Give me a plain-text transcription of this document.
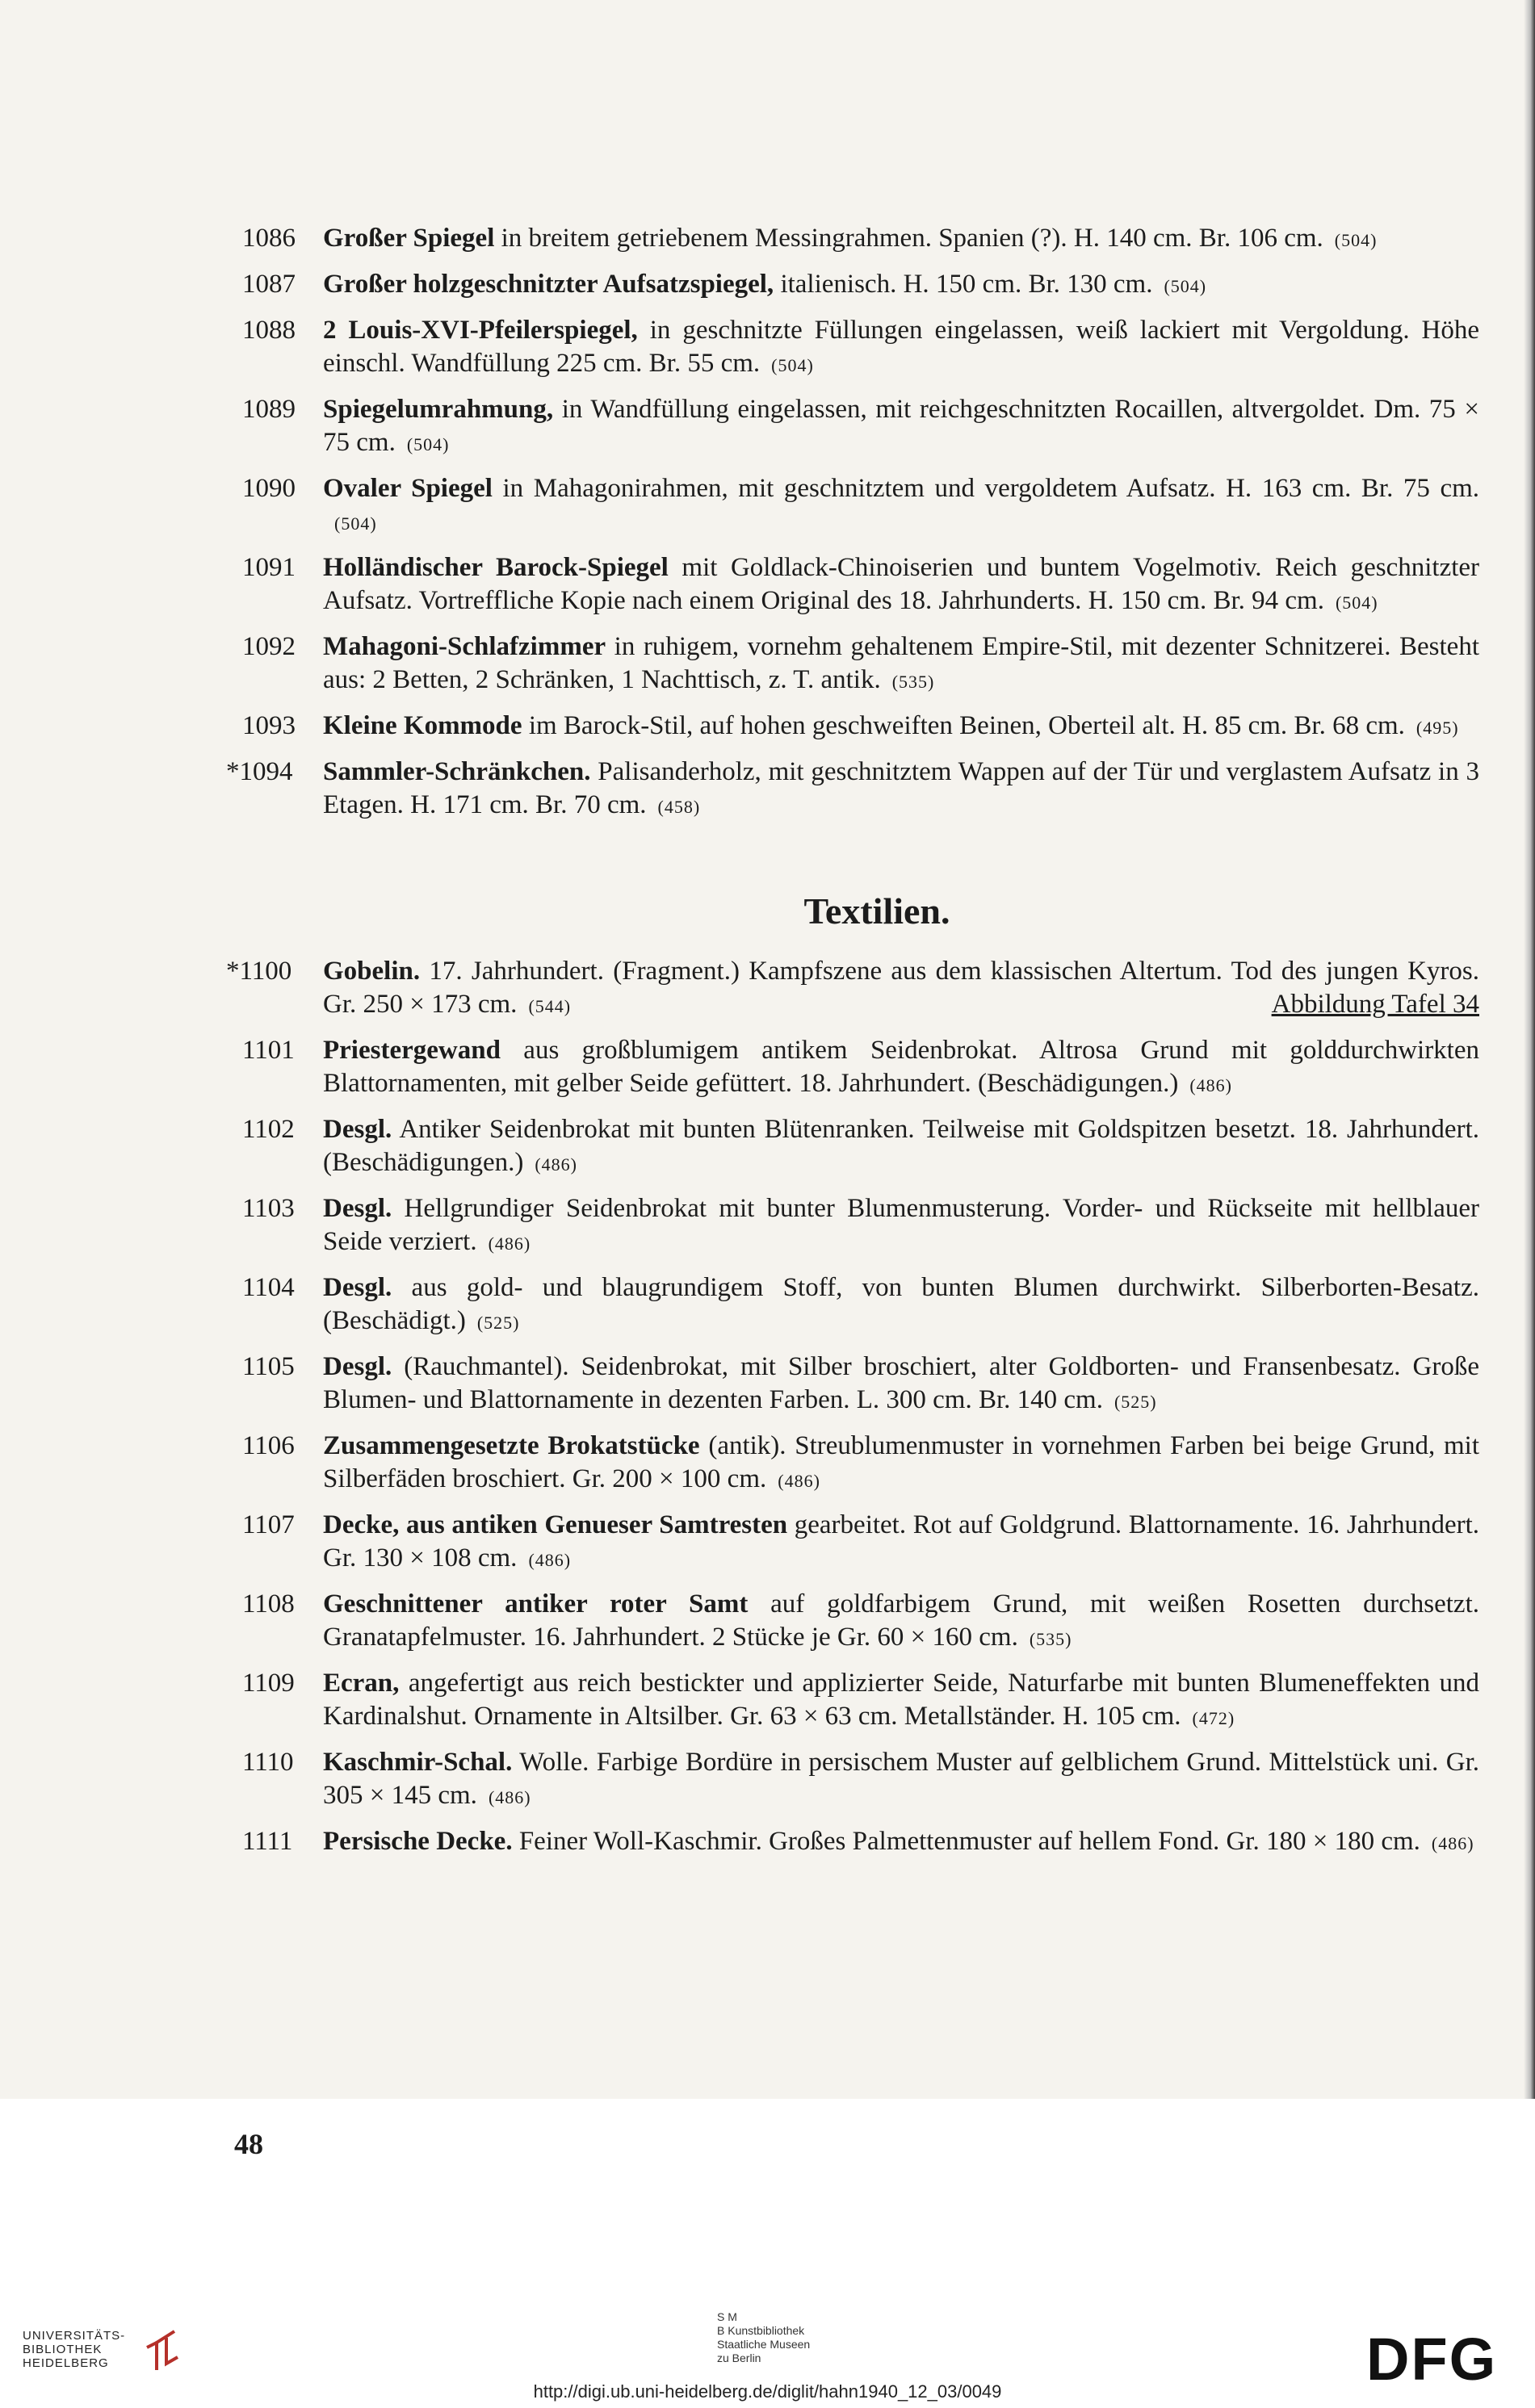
1086	Großer Spiegel in breitem getriebenem Messingrahmen. Spanien (?). H. 140 cm. Br. 106 cm. (504)
1087	Großer holzgeschnitzter Aufsatzspiegel, italienisch. H. 150 cm. Br. 130 cm. (504)
1088	2 Louis-XVI-Pfeilerspiegel, in geschnitzte Füllungen eingelassen, weiß lackiert mit Vergoldung. Höhe einschl. Wandfüllung 225 cm. Br. 55 cm. (504)
1089	Spiegelumrahmung, in Wandfüllung eingelassen, mit reichgeschnitzten Rocaillen, altvergoldet. Dm. 75 × 75 cm. (504)
1090	Ovaler Spiegel in Mahagonirahmen, mit geschnitztem und vergoldetem Aufsatz. H. 163 cm. Br. 75 cm.(504)
1091	Holländischer Barock-Spiegel mit Goldlack-Chinoiserien und buntem Vogelmotiv. Reich geschnitzter Aufsatz. Vortreffliche Kopie nach einem Original des 18. Jahrhunderts. H. 150 cm. Br. 94 cm. (504)
1092	Mahagoni-Schlafzimmer in ruhigem, vornehm gehaltenem Empire-Stil, mit dezenter Schnitzerei. Besteht aus: 2 Betten, 2 Schränken, 1 Nachttisch, z. T. antik. (535)
1093	Kleine Kommode im Barock-Stil, auf hohen geschweiften Beinen, Oberteil alt. H. 85 cm. Br. 68 cm. (495)
*1094	Sammler-Schränkchen. Palisanderholz, mit geschnitztem Wappen auf der Tür und verglastem Aufsatz in 3 Etagen. H. 171 cm. Br. 70 cm. (458)
Textilien.
*1100	Gobelin. 17. Jahrhundert. (Fragment.) Kampfszene aus dem klassischen Altertum. Tod des jungen Kyros. Gr. 250 × 173 cm. (544)	Abbildung Tafel 34
1101	Priestergewand aus großblumigem antikem Seidenbrokat. Altrosa Grund mit golddurchwirkten Blattornamenten, mit gelber Seide gefüttert. 18. Jahrhundert. (Beschädigungen.) (486)
1102	Desgl. Antiker Seidenbrokat mit bunten Blütenranken. Teilweise mit Goldspitzen besetzt. 18. Jahrhundert. (Beschädigungen.) (486)
1103	Desgl. Hellgrundiger Seidenbrokat mit bunter Blumenmusterung. Vorder- und Rückseite mit hellblauer Seide verziert. (486)
1104	Desgl. aus gold- und blaugrundigem Stoff, von bunten Blumen durchwirkt. Silberborten-Besatz. (Beschädigt.) (525)
1105	Desgl. (Rauchmantel). Seidenbrokat, mit Silber broschiert, alter Goldborten- und Fransenbesatz. Große Blumen- und Blattornamente in dezenten Farben. L. 300 cm. Br. 140 cm. (525)
1106	Zusammengesetzte Brokatstücke (antik). Streublumenmuster in vornehmen Farben bei beige Grund, mit Silberfäden broschiert. Gr. 200 × 100 cm. (486)
1107	Decke, aus antiken Genueser Samtresten gearbeitet. Rot auf Goldgrund. Blattornamente. 16. Jahrhundert. Gr. 130 × 108 cm. (486)
1108	Geschnittener antiker roter Samt auf goldfarbigem Grund, mit weißen Rosetten durchsetzt. Granatapfelmuster. 16. Jahrhundert. 2 Stücke je Gr. 60 × 160 cm. (535)
1109	Ecran, angefertigt aus reich bestickter und applizierter Seide, Naturfarbe mit bunten Blumeneffekten und Kardinalshut. Ornamente in Altsilber. Gr. 63 × 63 cm. Metallständer. H. 105 cm. (472)
1110	Kaschmir-Schal. Wolle. Farbige Bordüre in persischem Muster auf gelblichem Grund. Mittelstück uni. Gr. 305 × 145 cm. (486)
1111	Persische Decke. Feiner Woll-Kaschmir. Großes Palmettenmuster auf hellem Fond. Gr. 180 × 180 cm. (486)
48
UNIVERSITÄTS-
BIBLIOTHEK
HEIDELBERG
S M
B Kunstbibliothek
Staatliche Museen
zu Berlin	DFG
http://digi.ub.uni-heidelberg.de/diglit/hahn1940_12_03/0049
